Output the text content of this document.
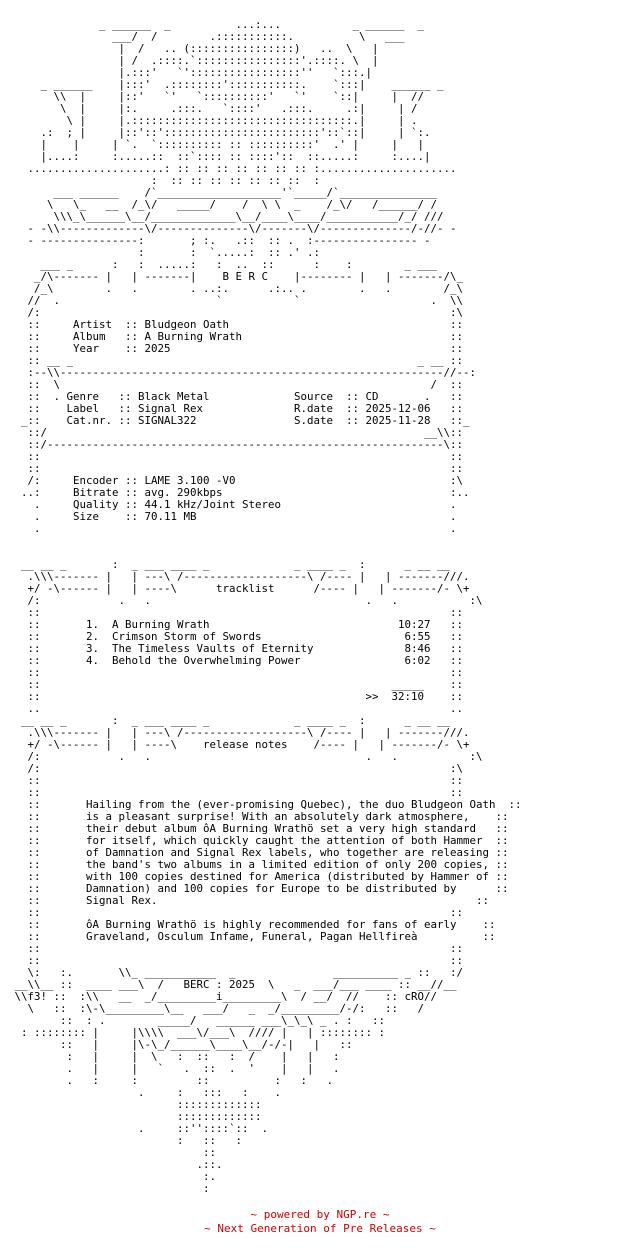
_ ______  _          ...:...           _ ______  _
___/  /        .:::::::::::.          \   ___
|  /   .. (::::::::::::::::)   ..  \   |
| /  .::::.`::::::::::::::::'.::::. \  |
|.:::'   `':::::::::::::::::''   `:::.|
_ ______    |:::'  .::::::::':::::::::::.    `:::|    ______ _
\\  |     |::'   `'   `::::::::::'   `'    `::|     |  //
\  |     |:.     .:::.   `::::'   .:::.     .:|     | /
\ |     |.::::::::::::::::::::::::::::::::::.|     | .
.:  ; |     |::'::'::::::::::::::::::::::::'::`::|     | `:.
|    |     | `.  `:::::::::: :: ::::::::::'  .' |     |   |
|....:     :.....::  ::`:::: :: ::::'::  ::.....:     :....|
.....................: :: :: :: :: :: :: :: :.....................
:  :: :: :: :: :: :: ::  :
___ ______    /`___________________'`_____/`_______________
\   \_   __  /_\/   _____/    /  \ \  _    /_\/   /______/ /
\\\_\______\__/_____________\__/____\____/___________/_/ ///
- -\\-------------\/--------------\/-------\/--------------/-//- -
- ---------------:       ; :.   .::  :: .  :---------------- -
:       :  `.....:  :: .' .:
___ _      :   :  .....:   :  ..  ::      :    :        _ ___
_/\------- |   | -------|    B E R C    |-------- |   | -------/\_
/_\        .   .        . ..:.      .:.. .        .   .        /_\
//  .                        `           `                    .  \\
/:                                                               :\
::     Artist  :: Bludgeon Oath                                  ::
::     Album   :: A Burning Wrath                                ::
::     Year    :: 2025                                           ::
:: __ _                                                     _ __ ::
:--\\-----------------------------------------------------------//--:
::  \                                                         /  ::
::  . Genre   :: Black Metal             Source  :: CD       .   ::
::    Label   :: Signal Rex              R.date  :: 2025-12-06   ::
_::    Cat.nr. :: SIGNAL322               S.date  :: 2025-11-28   ::_
::/                                                          __\\::
::/-------------------------------------------------------------\::
::                                                               ::
::                                                               ::
/:     Encoder :: LAME 3.100 -V0                                 :\
..:     Bitrate :: avg. 290kbps                                   :..
.     Quality :: 44.1 kHz/Joint Stereo                          .
.     Size    :: 70.11 MB                                       .
.                                                               .

__ __ _       :  _ ___ ____ _             _ ____ _  :      _ __ __
.\\\------- |   | ---\ /-------------------\ /---- |   | -------///.
+/ -\------ |   | ----\      tracklist      /---- |   | -------/- \+
/:            .   .                                 .   .           :\
::                                                               ::
::       1.  A Burning Wrath                             10:27   ::
::       2.  Crimson Storm of Swords                      6:55   ::
::       3.  The Timeless Vaults of Eternity              8:46   ::
::       4.  Behold the Overwhelming Power                6:02   ::
::                                                               ::
::                                                      _____    ::
::                                                  >>  32:10    ::
..                                                               ..
__ __ _       :  _ ___ ____ _             _ ____ _  :      _ __ __
.\\\------- |   | ---\ /-------------------\ /---- |   | -------///.
+/ -\------ |   | ----\    release notes    /---- |   | -------/- \+
/:            .   .                                 .   .           :\
/:                                                               :\
::                                                               ::
::                                                               ::
::       Hailing from the (ever-promising Quebec), the duo Bludgeon Oath  ::
::       is a pleasant surprise! With an absolutely dark atmosphere,    ::
::       their debut album ôA Burning Wrathö set a very high standard   ::
::       for itself, which quickly caught the attention of both Hammer  ::
::       of Damnation and Signal Rex labels, who together are releasing ::
::       the band's two albums in a limited edition of only 200 copies, ::
::       with 100 copies destined for America (distributed by Hammer of ::
::       Damnation) and 100 copies for Europe to be distributed by      ::
::       Signal Rex.                                                 ::
::                                                               ::
::       ôA Burning Wrathö is highly recommended for fans of early    ::
::       Graveland, Osculum Infame, Funeral, Pagan Hellfireà          ::
::                                                               ::
::                                                               ::
\:   :.       \\_ ___________  _               __________ _ ::   :/
__\\__ ::  ____ ___\  /   BERC : 2025  \   _  ___/___ ____ :: __//__
\\f3! ::  :\\   __  _/_________i_________\  / __/  //    :: cRO//
\   ::  :\-\_________\__   ___/   _  _/_________/-/:   ::   /
::  : .        _____/   ______ ___\_\_\ _ . :   ::
: :::::::: |     |\\\\  ___\/___\  //// |   | :::::::: :
::   |     |\-\_/______\____\__/-/-|   |   ::
:   |     |  \   :  ::   :  /    |   |   :
.   |     |   `   .  ::  .  '    |   |   .
.   :     :         ::          :   :   .
.     :   :::   :    .
:::::::::::::
:::::::::::::
.     ::''::::`::  .
:   ::   :
::
.::.
:.
:

~ powered by NGP.re ~
~ Next Generation of Pre Releases ~
